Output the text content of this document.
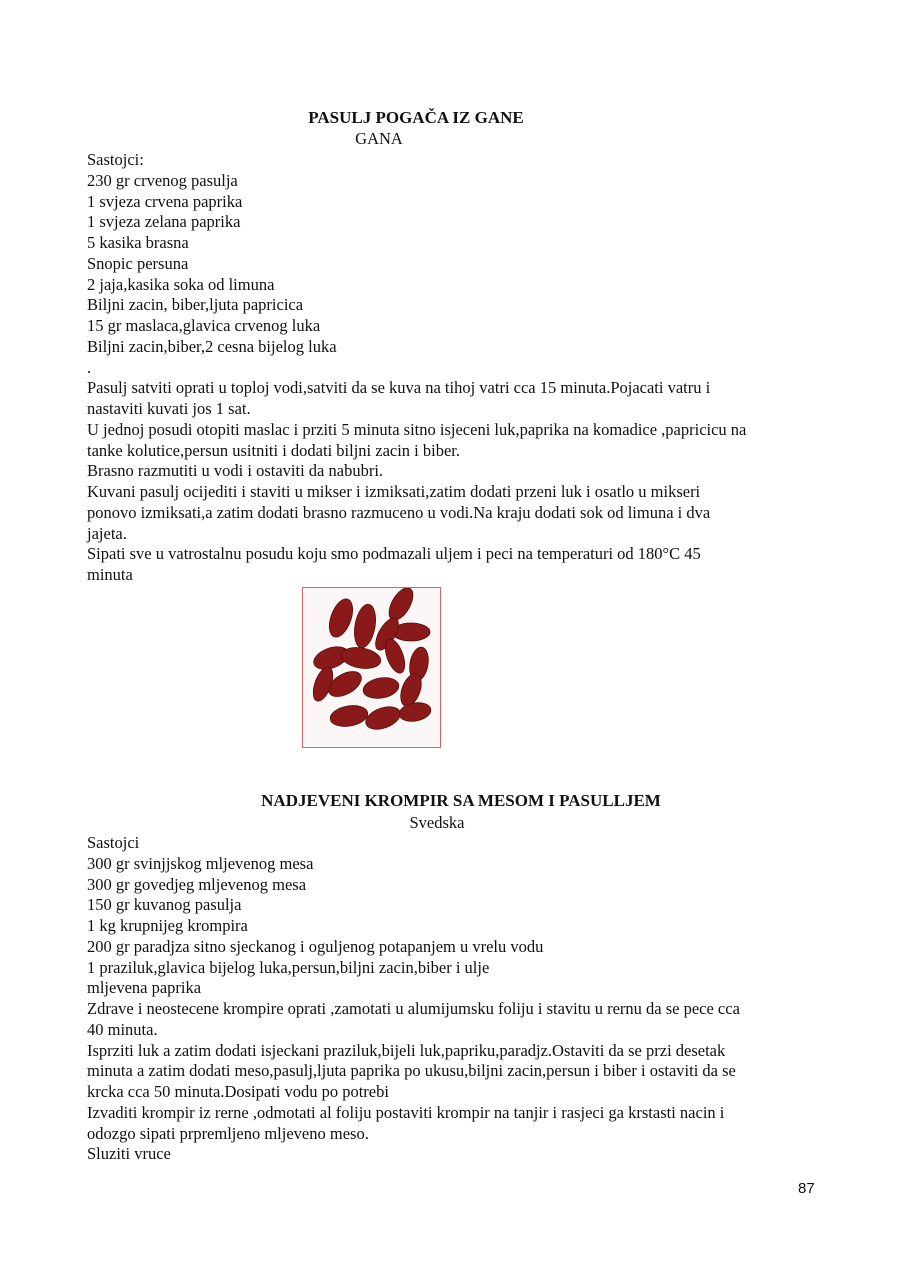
PASULJ POGAČA IZ GANE
GANA
Sastojci:
230 gr crvenog pasulja
1 svjeza crvena paprika
1 svjeza zelana paprika
5 kasika brasna
Snopic persuna
2 jaja,kasika soka od limuna
Biljni zacin, biber,ljuta papricica
15 gr maslaca,glavica crvenog luka
Biljni zacin,biber,2 cesna bijelog luka
.
Pasulj satviti oprati u toploj vodi,satviti da se kuva na tihoj vatri cca 15 minuta.Pojacati vatru i
nastaviti kuvati jos 1 sat.
U jednoj posudi otopiti maslac i prziti 5 minuta sitno isjeceni luk,paprika na komadice ,papricicu na
tanke kolutice,persun usitniti i dodati biljni zacin i biber.
Brasno razmutiti u vodi i ostaviti da nabubri.
Kuvani pasulj ocijediti i staviti u mikser i izmiksati,zatim dodati przeni luk i osatlo u mikseri
ponovo izmiksati,a zatim dodati brasno razmuceno u vodi.Na kraju dodati sok od limuna i dva
jajeta.
Sipati sve u vatrostalnu posudu koju smo podmazali uljem i peci na temperaturi od 180°C 45
minuta
NADJEVENI KROMPIR SA MESOM I PASULLJEM
Svedska
Sastojci
300 gr svinjjskog mljevenog mesa
300 gr govedjeg mljevenog mesa
150 gr kuvanog pasulja
1 kg krupnijeg krompira
200 gr paradjza sitno sjeckanog i oguljenog potapanjem u vrelu vodu
1 praziluk,glavica bijelog luka,persun,biljni zacin,biber i ulje
mljevena paprika
Zdrave i neostecene krompire oprati ,zamotati u alumijumsku foliju i stavitu u rernu da se pece cca
40 minuta.
Isprziti luk a zatim dodati isjeckani praziluk,bijeli luk,papriku,paradjz.Ostaviti da se przi desetak
minuta a zatim dodati meso,pasulj,ljuta paprika po ukusu,biljni zacin,persun i biber i ostaviti da se
krcka cca 50 minuta.Dosipati vodu po potrebi
Izvaditi krompir iz rerne ,odmotati al foliju postaviti krompir na tanjir i rasjeci ga krstasti nacin i
odozgo sipati prpremljeno mljeveno meso.
Sluziti vruce
87
